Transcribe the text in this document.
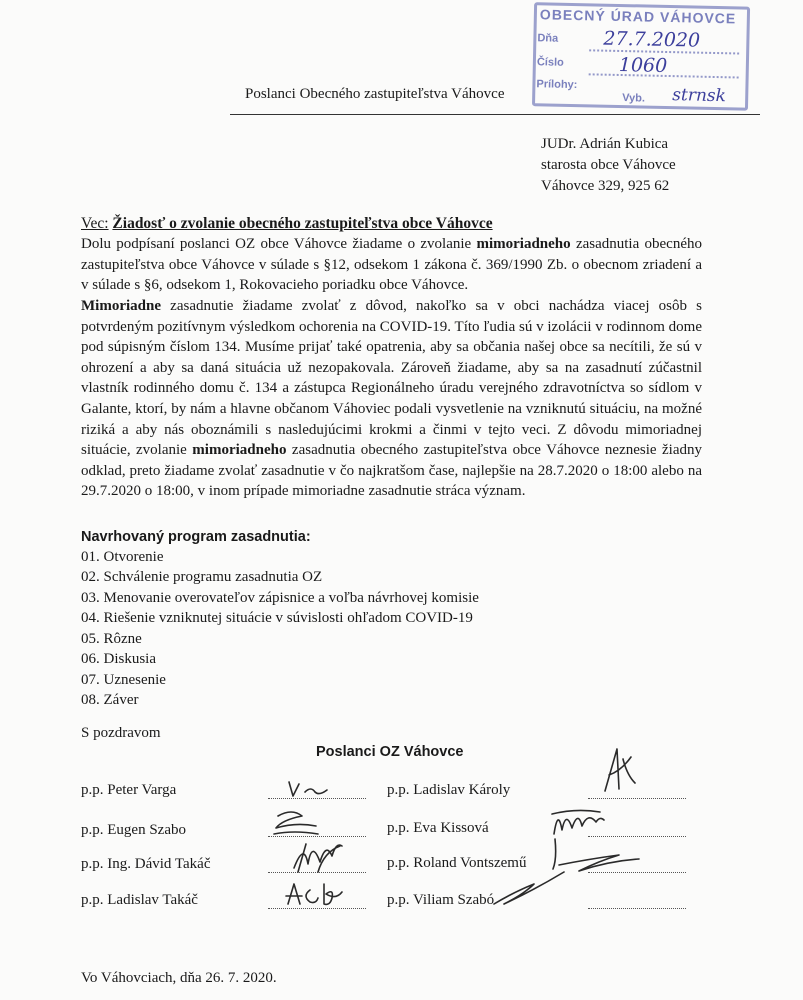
OBECNÝ ÚRAD VÁHOVCE
Dňa
Číslo
Prílohy:
Vyb.
27.7.2020
1060
strnsk
Poslanci Obecného zastupiteľstva Váhovce
JUDr. Adrián Kubica
starosta obce Váhovce
Váhovce 329, 925 62
Vec: Žiadosť o zvolanie obecného zastupiteľstva obce Váhovce
Dolu podpísaní poslanci OZ obce Váhovce žiadame o zvolanie mimoriadneho zasadnutia obecného zastupiteľstva obce Váhovce v súlade s §12, odsekom 1 zákona č. 369/1990 Zb. o obecnom zriadení a v súlade s §6, odsekom 1, Rokovacieho poriadku obce Váhovce.
Mimoriadne zasadnutie žiadame zvolať z dôvod, nakoľko sa v obci nachádza viacej osôb s potvrdeným pozitívnym výsledkom ochorenia na COVID-19. Títo ľudia sú v izolácii v rodinnom dome pod súpisným číslom 134. Musíme prijať také opatrenia, aby sa občania našej obce sa necítili, že sú v ohrození a aby sa daná situácia už nezopakovala. Zároveň žiadame, aby sa na zasadnutí zúčastnil vlastník rodinného domu č. 134 a zástupca Regionálneho úradu verejného zdravotníctva so sídlom v Galante, ktorí, by nám a hlavne občanom Váhoviec podali vysvetlenie na vzniknutú situáciu, na možné riziká a aby nás oboznámili s nasledujúcimi krokmi a činmi v tejto veci. Z dôvodu mimoriadnej situácie, zvolanie mimoriadneho zasadnutia obecného zastupiteľstva obce Váhovce neznesie žiadny odklad, preto žiadame zvolať zasadnutie v čo najkratšom čase, najlepšie na 28.7.2020 o 18:00 alebo na 29.7.2020 o 18:00, v inom prípade mimoriadne zasadnutie stráca význam.
Navrhovaný program zasadnutia:
01. Otvorenie
02. Schválenie programu zasadnutia OZ
03. Menovanie overovateľov zápisnice a voľba návrhovej komisie
04. Riešenie vzniknutej situácie v súvislosti ohľadom COVID-19
05. Rôzne
06. Diskusia
07. Uznesenie
08. Záver
S pozdravom
Poslanci OZ Váhovce
p.p. Peter Varga
p.p. Eugen Szabo
p.p. Ing. Dávid Takáč
p.p. Ladislav Takáč
p.p. Ladislav Károly
p.p. Eva Kissová
p.p. Roland Vontszemű
p.p. Viliam Szabó
Vo Váhovciach, dňa 26. 7. 2020.
